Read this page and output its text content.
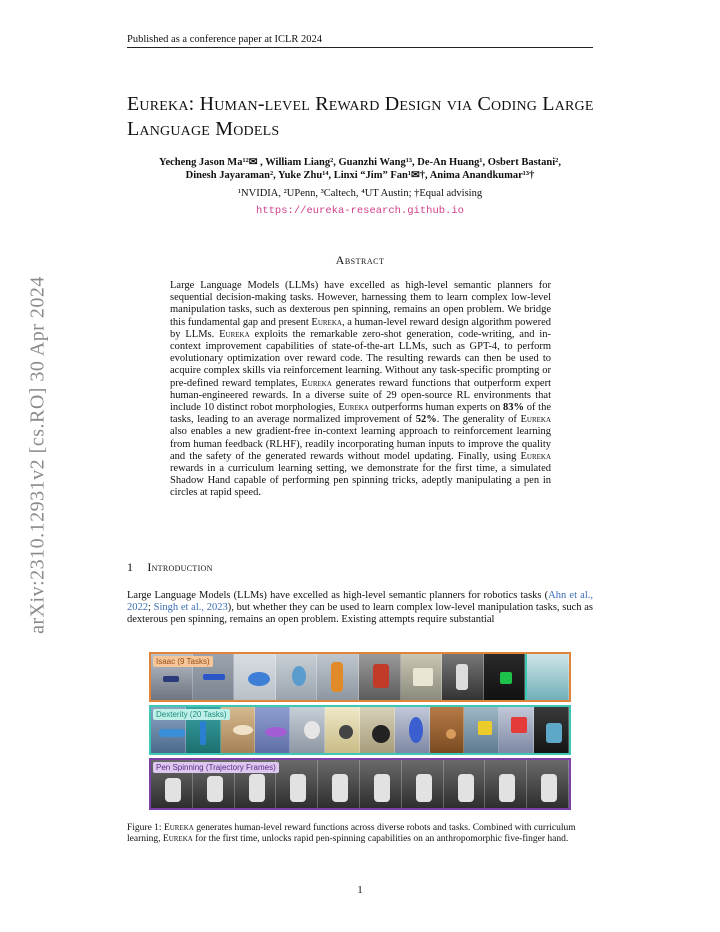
Published as a conference paper at ICLR 2024
arXiv:2310.12931v2 [cs.RO] 30 Apr 2024
Eureka: Human-level Reward Design via Coding Large Language Models
Yecheng Jason Ma¹²✉ , William Liang², Guanzhi Wang¹³, De-An Huang¹, Osbert Bastani²,
Dinesh Jayaraman², Yuke Zhu¹⁴, Linxi “Jim” Fan¹✉†, Anima Anandkumar¹³†
¹NVIDIA, ²UPenn, ³Caltech, ⁴UT Austin; †Equal advising
https://eureka-research.github.io
Abstract
Large Language Models (LLMs) have excelled as high-level semantic planners for sequential decision-making tasks. However, harnessing them to learn complex low-level manipulation tasks, such as dexterous pen spinning, remains an open problem. We bridge this fundamental gap and present Eureka, a human-level reward design algorithm powered by LLMs. Eureka exploits the remarkable zero-shot generation, code-writing, and in-context improvement capabilities of state-of-the-art LLMs, such as GPT-4, to perform evolutionary optimization over reward code. The resulting rewards can then be used to acquire complex skills via reinforcement learning. Without any task-specific prompting or pre-defined reward templates, Eureka generates reward functions that outperform expert human-engineered rewards. In a diverse suite of 29 open-source RL environments that include 10 distinct robot morphologies, Eureka outperforms human experts on 83% of the tasks, leading to an average normalized improvement of 52%. The generality of Eureka also enables a new gradient-free in-context learning approach to reinforcement learning from human feedback (RLHF), readily incorporating human inputs to improve the quality and the safety of the generated rewards without model updating. Finally, using Eureka rewards in a curriculum learning setting, we demonstrate for the first time, a simulated Shadow Hand capable of performing pen spinning tricks, adeptly manipulating a pen in circles at rapid speed.
1 Introduction
Large Language Models (LLMs) have excelled as high-level semantic planners for robotics tasks (Ahn et al., 2022; Singh et al., 2023), but whether they can be used to learn complex low-level manipulation tasks, such as dexterous pen spinning, remains an open problem. Existing attempts require substantial
Isaac (9 Tasks)
Dexterity (20 Tasks)
Pen Spinning (Trajectory Frames)
Figure 1: Eureka generates human-level reward functions across diverse robots and tasks. Combined with curriculum learning, Eureka for the first time, unlocks rapid pen-spinning capabilities on an anthropomorphic five-finger hand.
1
